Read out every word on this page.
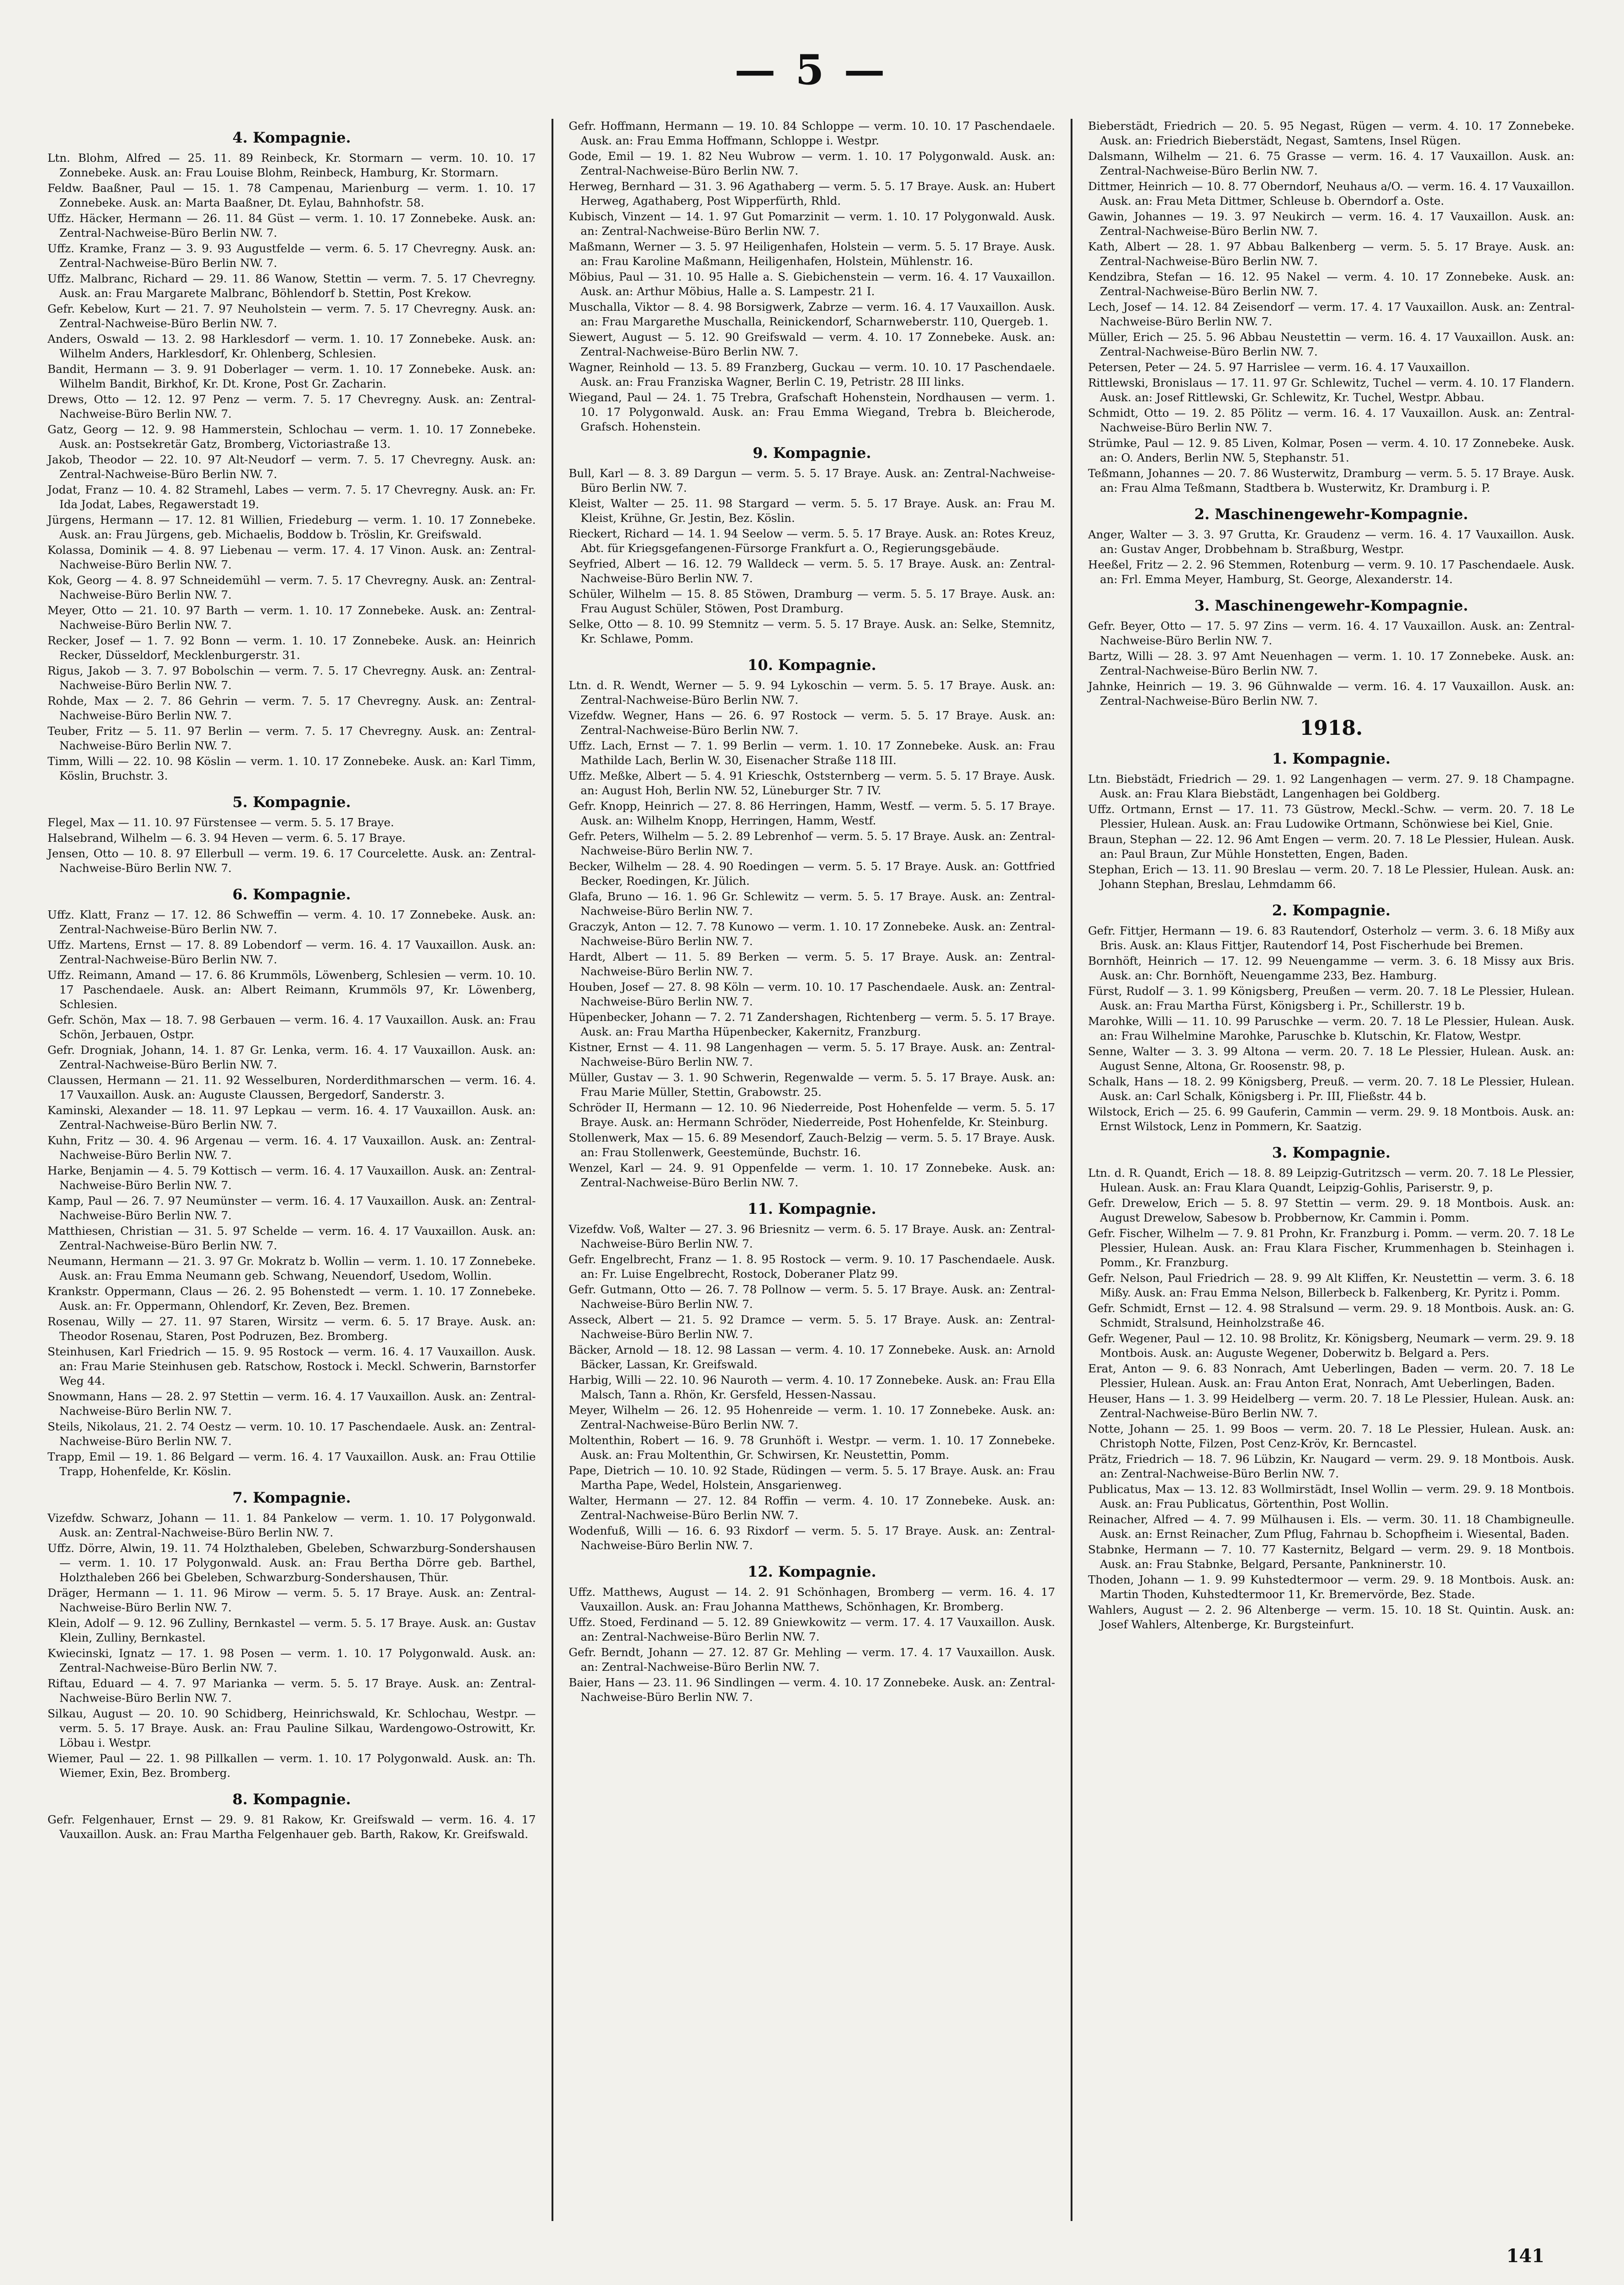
— 5 —
4. Kompagnie.

Ltn. Blohm, Alfred — 25. 11. 89 Reinbeck, Kr. Stormarn — verm. 10. 10. 17 Zonnebeke. Ausk. an: Frau Louise Blohm, Reinbeck, Hamburg, Kr. Stormarn.

Feldw. Baaßner, Paul — 15. 1. 78 Campenau, Marienburg — verm. 1. 10. 17 Zonnebeke. Ausk. an: Marta Baaßner, Dt. Eylau, Bahnhofstr. 58.

Uffz. Häcker, Hermann — 26. 11. 84 Güst — verm. 1. 10. 17 Zonnebeke. Ausk. an: Zentral-Nachweise-Büro Berlin NW. 7.

Uffz. Kramke, Franz — 3. 9. 93 Augustfelde — verm. 6. 5. 17 Chevregny. Ausk. an: Zentral-Nachweise-Büro Berlin NW. 7.

Uffz. Malbranc, Richard — 29. 11. 86 Wanow, Stettin — verm. 7. 5. 17 Chevregny. Ausk. an: Frau Margarete Malbranc, Böhlendorf b. Stettin, Post Krekow.

Gefr. Kebelow, Kurt — 21. 7. 97 Neuholstein — verm. 7. 5. 17 Chevregny. Ausk. an: Zentral-Nachweise-Büro Berlin NW. 7.

Anders, Oswald — 13. 2. 98 Harklesdorf — verm. 1. 10. 17 Zonnebeke. Ausk. an: Wilhelm Anders, Harklesdorf, Kr. Ohlenberg, Schlesien.

Bandit, Hermann — 3. 9. 91 Doberlager — verm. 1. 10. 17 Zonnebeke. Ausk. an: Wilhelm Bandit, Birkhof, Kr. Dt. Krone, Post Gr. Zacharin.

Drews, Otto — 12. 12. 97 Penz — verm. 7. 5. 17 Chevregny. Ausk. an: Zentral-Nachweise-Büro Berlin NW. 7.

Gatz, Georg — 12. 9. 98 Hammerstein, Schlochau — verm. 1. 10. 17 Zonnebeke. Ausk. an: Postsekretär Gatz, Bromberg, Victoriastraße 13.

Jakob, Theodor — 22. 10. 97 Alt-Neudorf — verm. 7. 5. 17 Chevregny. Ausk. an: Zentral-Nachweise-Büro Berlin NW. 7.

Jodat, Franz — 10. 4. 82 Stramehl, Labes — verm. 7. 5. 17 Chevregny. Ausk. an: Fr. Ida Jodat, Labes, Regawerstadt 19.

Jürgens, Hermann — 17. 12. 81 Willien, Friedeburg — verm. 1. 10. 17 Zonnebeke. Ausk. an: Frau Jürgens, geb. Michaelis, Boddow b. Tröslin, Kr. Greifswald.

Kolassa, Dominik — 4. 8. 97 Liebenau — verm. 17. 4. 17 Vinon. Ausk. an: Zentral-Nachweise-Büro Berlin NW. 7.

Kok, Georg — 4. 8. 97 Schneidemühl — verm. 7. 5. 17 Chevregny. Ausk. an: Zentral-Nachweise-Büro Berlin NW. 7.

Meyer, Otto — 21. 10. 97 Barth — verm. 1. 10. 17 Zonnebeke. Ausk. an: Zentral-Nachweise-Büro Berlin NW. 7.

Recker, Josef — 1. 7. 92 Bonn — verm. 1. 10. 17 Zonnebeke. Ausk. an: Heinrich Recker, Düsseldorf, Mecklenburgerstr. 31.

Rigus, Jakob — 3. 7. 97 Bobolschin — verm. 7. 5. 17 Chevregny. Ausk. an: Zentral-Nachweise-Büro Berlin NW. 7.

Rohde, Max — 2. 7. 86 Gehrin — verm. 7. 5. 17 Chevregny. Ausk. an: Zentral-Nachweise-Büro Berlin NW. 7.

Teuber, Fritz — 5. 11. 97 Berlin — verm. 7. 5. 17 Chevregny. Ausk. an: Zentral-Nachweise-Büro Berlin NW. 7.

Timm, Willi — 22. 10. 98 Köslin — verm. 1. 10. 17 Zonnebeke. Ausk. an: Karl Timm, Köslin, Bruchstr. 3.

5. Kompagnie.

Flegel, Max — 11. 10. 97 Fürstensee — verm. 5. 5. 17 Braye.

Halsebrand, Wilhelm — 6. 3. 94 Heven — verm. 6. 5. 17 Braye.

Jensen, Otto — 10. 8. 97 Ellerbull — verm. 19. 6. 17 Courcelette. Ausk. an: Zentral-Nachweise-Büro Berlin NW. 7.

6. Kompagnie.

Uffz. Klatt, Franz — 17. 12. 86 Schweffin — verm. 4. 10. 17 Zonnebeke. Ausk. an: Zentral-Nachweise-Büro Berlin NW. 7.

Uffz. Martens, Ernst — 17. 8. 89 Lobendorf — verm. 16. 4. 17 Vauxaillon. Ausk. an: Zentral-Nachweise-Büro Berlin NW. 7.

Uffz. Reimann, Amand — 17. 6. 86 Krummöls, Löwenberg, Schlesien — verm. 10. 10. 17 Paschendaele. Ausk. an: Albert Reimann, Krummöls 97, Kr. Löwenberg, Schlesien.

Gefr. Schön, Max — 18. 7. 98 Gerbauen — verm. 16. 4. 17 Vauxaillon. Ausk. an: Frau Schön, Jerbauen, Ostpr.

Gefr. Drogniak, Johann, 14. 1. 87 Gr. Lenka, verm. 16. 4. 17 Vauxaillon. Ausk. an: Zentral-Nachweise-Büro Berlin NW. 7.

Claussen, Hermann — 21. 11. 92 Wesselburen, Norderdithmarschen — verm. 16. 4. 17 Vauxaillon. Ausk. an: Auguste Claussen, Bergedorf, Sanderstr. 3.

Kaminski, Alexander — 18. 11. 97 Lepkau — verm. 16. 4. 17 Vauxaillon. Ausk. an: Zentral-Nachweise-Büro Berlin NW. 7.

Kuhn, Fritz — 30. 4. 96 Argenau — verm. 16. 4. 17 Vauxaillon. Ausk. an: Zentral-Nachweise-Büro Berlin NW. 7.

Harke, Benjamin — 4. 5. 79 Kottisch — verm. 16. 4. 17 Vauxaillon. Ausk. an: Zentral-Nachweise-Büro Berlin NW. 7.

Kamp, Paul — 26. 7. 97 Neumünster — verm. 16. 4. 17 Vauxaillon. Ausk. an: Zentral-Nachweise-Büro Berlin NW. 7.

Matthiesen, Christian — 31. 5. 97 Schelde — verm. 16. 4. 17 Vauxaillon. Ausk. an: Zentral-Nachweise-Büro Berlin NW. 7.

Neumann, Hermann — 21. 3. 97 Gr. Mokratz b. Wollin — verm. 1. 10. 17 Zonnebeke. Ausk. an: Frau Emma Neumann geb. Schwang, Neuendorf, Usedom, Wollin.

Krankstr. Oppermann, Claus — 26. 2. 95 Bohenstedt — verm. 1. 10. 17 Zonnebeke. Ausk. an: Fr. Oppermann, Ohlendorf, Kr. Zeven, Bez. Bremen.

Rosenau, Willy — 27. 11. 97 Staren, Wirsitz — verm. 6. 5. 17 Braye. Ausk. an: Theodor Rosenau, Staren, Post Podruzen, Bez. Bromberg.

Steinhusen, Karl Friedrich — 15. 9. 95 Rostock — verm. 16. 4. 17 Vauxaillon. Ausk. an: Frau Marie Steinhusen geb. Ratschow, Rostock i. Meckl. Schwerin, Barnstorfer Weg 44.

Snowmann, Hans — 28. 2. 97 Stettin — verm. 16. 4. 17 Vauxaillon. Ausk. an: Zentral-Nachweise-Büro Berlin NW. 7.

Steils, Nikolaus, 21. 2. 74 Oestz — verm. 10. 10. 17 Paschendaele. Ausk. an: Zentral-Nachweise-Büro Berlin NW. 7.

Trapp, Emil — 19. 1. 86 Belgard — verm. 16. 4. 17 Vauxaillon. Ausk. an: Frau Ottilie Trapp, Hohenfelde, Kr. Köslin.

7. Kompagnie.

Vizefdw. Schwarz, Johann — 11. 1. 84 Pankelow — verm. 1. 10. 17 Polygonwald. Ausk. an: Zentral-Nachweise-Büro Berlin NW. 7.

Uffz. Dörre, Alwin, 19. 11. 74 Holzthaleben, Gbeleben, Schwarzburg-Sondershausen — verm. 1. 10. 17 Polygonwald. Ausk. an: Frau Bertha Dörre geb. Barthel, Holzthaleben 266 bei Gbeleben, Schwarzburg-Sondershausen, Thür.

Dräger, Hermann — 1. 11. 96 Mirow — verm. 5. 5. 17 Braye. Ausk. an: Zentral-Nachweise-Büro Berlin NW. 7.

Klein, Adolf — 9. 12. 96 Zulliny, Bernkastel — verm. 5. 5. 17 Braye. Ausk. an: Gustav Klein, Zulliny, Bernkastel.

Kwiecinski, Ignatz — 17. 1. 98 Posen — verm. 1. 10. 17 Polygonwald. Ausk. an: Zentral-Nachweise-Büro Berlin NW. 7.

Riftau, Eduard — 4. 7. 97 Marianka — verm. 5. 5. 17 Braye. Ausk. an: Zentral-Nachweise-Büro Berlin NW. 7.

Silkau, August — 20. 10. 90 Schidberg, Heinrichswald, Kr. Schlochau, Westpr. — verm. 5. 5. 17 Braye. Ausk. an: Frau Pauline Silkau, Wardengowo-Ostrowitt, Kr. Löbau i. Westpr.

Wiemer, Paul — 22. 1. 98 Pillkallen — verm. 1. 10. 17 Polygonwald. Ausk. an: Th. Wiemer, Exin, Bez. Bromberg.

8. Kompagnie.

Gefr. Felgenhauer, Ernst — 29. 9. 81 Rakow, Kr. Greifswald — verm. 16. 4. 17 Vauxaillon. Ausk. an: Frau Martha Felgenhauer geb. Barth, Rakow, Kr. Greifswald.

Gefr. Hoffmann, Hermann — 19. 10. 84 Schloppe — verm. 10. 10. 17 Paschendaele. Ausk. an: Frau Emma Hoffmann, Schloppe i. Westpr.

Gode, Emil — 19. 1. 82 Neu Wubrow — verm. 1. 10. 17 Polygonwald. Ausk. an: Zentral-Nachweise-Büro Berlin NW. 7.

Herweg, Bernhard — 31. 3. 96 Agathaberg — verm. 5. 5. 17 Braye. Ausk. an: Hubert Herweg, Agathaberg, Post Wipperfürth, Rhld.

Kubisch, Vinzent — 14. 1. 97 Gut Pomarzinit — verm. 1. 10. 17 Polygonwald. Ausk. an: Zentral-Nachweise-Büro Berlin NW. 7.

Maßmann, Werner — 3. 5. 97 Heiligenhafen, Holstein — verm. 5. 5. 17 Braye. Ausk. an: Frau Karoline Maßmann, Heiligenhafen, Holstein, Mühlenstr. 16.

Möbius, Paul — 31. 10. 95 Halle a. S. Giebichenstein — verm. 16. 4. 17 Vauxaillon. Ausk. an: Arthur Möbius, Halle a. S. Lampestr. 21 I.

Muschalla, Viktor — 8. 4. 98 Borsigwerk, Zabrze — verm. 16. 4. 17 Vauxaillon. Ausk. an: Frau Margarethe Muschalla, Reinickendorf, Scharnweberstr. 110, Quergeb. 1.

Siewert, August — 5. 12. 90 Greifswald — verm. 4. 10. 17 Zonnebeke. Ausk. an: Zentral-Nachweise-Büro Berlin NW. 7.

Wagner, Reinhold — 13. 5. 89 Franzberg, Guckau — verm. 10. 10. 17 Paschendaele. Ausk. an: Frau Franziska Wagner, Berlin C. 19, Petristr. 28 III links.

Wiegand, Paul — 24. 1. 75 Trebra, Grafschaft Hohenstein, Nordhausen — verm. 1. 10. 17 Polygonwald. Ausk. an: Frau Emma Wiegand, Trebra b. Bleicherode, Grafsch. Hohenstein.

9. Kompagnie.

Bull, Karl — 8. 3. 89 Dargun — verm. 5. 5. 17 Braye. Ausk. an: Zentral-Nachweise-Büro Berlin NW. 7.

Kleist, Walter — 25. 11. 98 Stargard — verm. 5. 5. 17 Braye. Ausk. an: Frau M. Kleist, Krühne, Gr. Jestin, Bez. Köslin.

Rieckert, Richard — 14. 1. 94 Seelow — verm. 5. 5. 17 Braye. Ausk. an: Rotes Kreuz, Abt. für Kriegsgefangenen-Fürsorge Frankfurt a. O., Regierungsgebäude.

Seyfried, Albert — 16. 12. 79 Walldeck — verm. 5. 5. 17 Braye. Ausk. an: Zentral-Nachweise-Büro Berlin NW. 7.

Schüler, Wilhelm — 15. 8. 85 Stöwen, Dramburg — verm. 5. 5. 17 Braye. Ausk. an: Frau August Schüler, Stöwen, Post Dramburg.

Selke, Otto — 8. 10. 99 Stemnitz — verm. 5. 5. 17 Braye. Ausk. an: Selke, Stemnitz, Kr. Schlawe, Pomm.

10. Kompagnie.

Ltn. d. R. Wendt, Werner — 5. 9. 94 Lykoschin — verm. 5. 5. 17 Braye. Ausk. an: Zentral-Nachweise-Büro Berlin NW. 7.

Vizefdw. Wegner, Hans — 26. 6. 97 Rostock — verm. 5. 5. 17 Braye. Ausk. an: Zentral-Nachweise-Büro Berlin NW. 7.

Uffz. Lach, Ernst — 7. 1. 99 Berlin — verm. 1. 10. 17 Zonnebeke. Ausk. an: Frau Mathilde Lach, Berlin W. 30, Eisenacher Straße 118 III.

Uffz. Meßke, Albert — 5. 4. 91 Krieschk, Oststernberg — verm. 5. 5. 17 Braye. Ausk. an: August Hoh, Berlin NW. 52, Lüneburger Str. 7 IV.

Gefr. Knopp, Heinrich — 27. 8. 86 Herringen, Hamm, Westf. — verm. 5. 5. 17 Braye. Ausk. an: Wilhelm Knopp, Herringen, Hamm, Westf.

Gefr. Peters, Wilhelm — 5. 2. 89 Lebrenhof — verm. 5. 5. 17 Braye. Ausk. an: Zentral-Nachweise-Büro Berlin NW. 7.

Becker, Wilhelm — 28. 4. 90 Roedingen — verm. 5. 5. 17 Braye. Ausk. an: Gottfried Becker, Roedingen, Kr. Jülich.

Glafa, Bruno — 16. 1. 96 Gr. Schlewitz — verm. 5. 5. 17 Braye. Ausk. an: Zentral-Nachweise-Büro Berlin NW. 7.

Graczyk, Anton — 12. 7. 78 Kunowo — verm. 1. 10. 17 Zonnebeke. Ausk. an: Zentral-Nachweise-Büro Berlin NW. 7.

Hardt, Albert — 11. 5. 89 Berken — verm. 5. 5. 17 Braye. Ausk. an: Zentral-Nachweise-Büro Berlin NW. 7.

Houben, Josef — 27. 8. 98 Köln — verm. 10. 10. 17 Paschendaele. Ausk. an: Zentral-Nachweise-Büro Berlin NW. 7.

Hüpenbecker, Johann — 7. 2. 71 Zandershagen, Richtenberg — verm. 5. 5. 17 Braye. Ausk. an: Frau Martha Hüpenbecker, Kakernitz, Franzburg.

Kistner, Ernst — 4. 11. 98 Langenhagen — verm. 5. 5. 17 Braye. Ausk. an: Zentral-Nachweise-Büro Berlin NW. 7.

Müller, Gustav — 3. 1. 90 Schwerin, Regenwalde — verm. 5. 5. 17 Braye. Ausk. an: Frau Marie Müller, Stettin, Grabowstr. 25.

Schröder II, Hermann — 12. 10. 96 Niederreide, Post Hohenfelde — verm. 5. 5. 17 Braye. Ausk. an: Hermann Schröder, Niederreide, Post Hohenfelde, Kr. Steinburg.

Stollenwerk, Max — 15. 6. 89 Mesendorf, Zauch-Belzig — verm. 5. 5. 17 Braye. Ausk. an: Frau Stollenwerk, Geestemünde, Buchstr. 16.

Wenzel, Karl — 24. 9. 91 Oppenfelde — verm. 1. 10. 17 Zonnebeke. Ausk. an: Zentral-Nachweise-Büro Berlin NW. 7.

11. Kompagnie.

Vizefdw. Voß, Walter — 27. 3. 96 Briesnitz — verm. 6. 5. 17 Braye. Ausk. an: Zentral-Nachweise-Büro Berlin NW. 7.

Gefr. Engelbrecht, Franz — 1. 8. 95 Rostock — verm. 9. 10. 17 Paschendaele. Ausk. an: Fr. Luise Engelbrecht, Rostock, Doberaner Platz 99.

Gefr. Gutmann, Otto — 26. 7. 78 Pollnow — verm. 5. 5. 17 Braye. Ausk. an: Zentral-Nachweise-Büro Berlin NW. 7.

Asseck, Albert — 21. 5. 92 Dramce — verm. 5. 5. 17 Braye. Ausk. an: Zentral-Nachweise-Büro Berlin NW. 7.

Bäcker, Arnold — 18. 12. 98 Lassan — verm. 4. 10. 17 Zonnebeke. Ausk. an: Arnold Bäcker, Lassan, Kr. Greifswald.

Harbig, Willi — 22. 10. 96 Nauroth — verm. 4. 10. 17 Zonnebeke. Ausk. an: Frau Ella Malsch, Tann a. Rhön, Kr. Gersfeld, Hessen-Nassau.

Meyer, Wilhelm — 26. 12. 95 Hohenreide — verm. 1. 10. 17 Zonnebeke. Ausk. an: Zentral-Nachweise-Büro Berlin NW. 7.

Moltenthin, Robert — 16. 9. 78 Grunhöft i. Westpr. — verm. 1. 10. 17 Zonnebeke. Ausk. an: Frau Moltenthin, Gr. Schwirsen, Kr. Neustettin, Pomm.

Pape, Dietrich — 10. 10. 92 Stade, Rüdingen — verm. 5. 5. 17 Braye. Ausk. an: Frau Martha Pape, Wedel, Holstein, Ansgarienweg.

Walter, Hermann — 27. 12. 84 Roffin — verm. 4. 10. 17 Zonnebeke. Ausk. an: Zentral-Nachweise-Büro Berlin NW. 7.

Wodenfuß, Willi — 16. 6. 93 Rixdorf — verm. 5. 5. 17 Braye. Ausk. an: Zentral-Nachweise-Büro Berlin NW. 7.

12. Kompagnie.

Uffz. Matthews, August — 14. 2. 91 Schönhagen, Bromberg — verm. 16. 4. 17 Vauxaillon. Ausk. an: Frau Johanna Matthews, Schönhagen, Kr. Bromberg.

Uffz. Stoed, Ferdinand — 5. 12. 89 Gniewkowitz — verm. 17. 4. 17 Vauxaillon. Ausk. an: Zentral-Nachweise-Büro Berlin NW. 7.

Gefr. Berndt, Johann — 27. 12. 87 Gr. Mehling — verm. 17. 4. 17 Vauxaillon. Ausk. an: Zentral-Nachweise-Büro Berlin NW. 7.

Baier, Hans — 23. 11. 96 Sindlingen — verm. 4. 10. 17 Zonnebeke. Ausk. an: Zentral-Nachweise-Büro Berlin NW. 7.

Bieberstädt, Friedrich — 20. 5. 95 Negast, Rügen — verm. 4. 10. 17 Zonnebeke. Ausk. an: Friedrich Bieberstädt, Negast, Samtens, Insel Rügen.

Dalsmann, Wilhelm — 21. 6. 75 Grasse — verm. 16. 4. 17 Vauxaillon. Ausk. an: Zentral-Nachweise-Büro Berlin NW. 7.

Dittmer, Heinrich — 10. 8. 77 Oberndorf, Neuhaus a/O. — verm. 16. 4. 17 Vauxaillon. Ausk. an: Frau Meta Dittmer, Schleuse b. Oberndorf a. Oste.

Gawin, Johannes — 19. 3. 97 Neukirch — verm. 16. 4. 17 Vauxaillon. Ausk. an: Zentral-Nachweise-Büro Berlin NW. 7.

Kath, Albert — 28. 1. 97 Abbau Balkenberg — verm. 5. 5. 17 Braye. Ausk. an: Zentral-Nachweise-Büro Berlin NW. 7.

Kendzibra, Stefan — 16. 12. 95 Nakel — verm. 4. 10. 17 Zonnebeke. Ausk. an: Zentral-Nachweise-Büro Berlin NW. 7.

Lech, Josef — 14. 12. 84 Zeisendorf — verm. 17. 4. 17 Vauxaillon. Ausk. an: Zentral-Nachweise-Büro Berlin NW. 7.

Müller, Erich — 25. 5. 96 Abbau Neustettin — verm. 16. 4. 17 Vauxaillon. Ausk. an: Zentral-Nachweise-Büro Berlin NW. 7.

Petersen, Peter — 24. 5. 97 Harrislee — verm. 16. 4. 17 Vauxaillon.

Rittlewski, Bronislaus — 17. 11. 97 Gr. Schlewitz, Tuchel — verm. 4. 10. 17 Flandern. Ausk. an: Josef Rittlewski, Gr. Schlewitz, Kr. Tuchel, Westpr. Abbau.

Schmidt, Otto — 19. 2. 85 Pölitz — verm. 16. 4. 17 Vauxaillon. Ausk. an: Zentral-Nachweise-Büro Berlin NW. 7.

Strümke, Paul — 12. 9. 85 Liven, Kolmar, Posen — verm. 4. 10. 17 Zonnebeke. Ausk. an: O. Anders, Berlin NW. 5, Stephanstr. 51.

Teßmann, Johannes — 20. 7. 86 Wusterwitz, Dramburg — verm. 5. 5. 17 Braye. Ausk. an: Frau Alma Teßmann, Stadtbera b. Wusterwitz, Kr. Dramburg i. P.

2. Maschinengewehr-Kompagnie.

Anger, Walter — 3. 3. 97 Grutta, Kr. Graudenz — verm. 16. 4. 17 Vauxaillon. Ausk. an: Gustav Anger, Drobbehnam b. Straßburg, Westpr.

Heeßel, Fritz — 2. 2. 96 Stemmen, Rotenburg — verm. 9. 10. 17 Paschendaele. Ausk. an: Frl. Emma Meyer, Hamburg, St. George, Alexanderstr. 14.

3. Maschinengewehr-Kompagnie.

Gefr. Beyer, Otto — 17. 5. 97 Zins — verm. 16. 4. 17 Vauxaillon. Ausk. an: Zentral-Nachweise-Büro Berlin NW. 7.

Bartz, Willi — 28. 3. 97 Amt Neuenhagen — verm. 1. 10. 17 Zonnebeke. Ausk. an: Zentral-Nachweise-Büro Berlin NW. 7.

Jahnke, Heinrich — 19. 3. 96 Gühnwalde — verm. 16. 4. 17 Vauxaillon. Ausk. an: Zentral-Nachweise-Büro Berlin NW. 7.

1918.
1. Kompagnie.

Ltn. Biebstädt, Friedrich — 29. 1. 92 Langenhagen — verm. 27. 9. 18 Champagne. Ausk. an: Frau Klara Biebstädt, Langenhagen bei Goldberg.

Uffz. Ortmann, Ernst — 17. 11. 73 Güstrow, Meckl.-Schw. — verm. 20. 7. 18 Le Plessier, Hulean. Ausk. an: Frau Ludowike Ortmann, Schönwiese bei Kiel, Gnie.

Braun, Stephan — 22. 12. 96 Amt Engen — verm. 20. 7. 18 Le Plessier, Hulean. Ausk. an: Paul Braun, Zur Mühle Honstetten, Engen, Baden.

Stephan, Erich — 13. 11. 90 Breslau — verm. 20. 7. 18 Le Plessier, Hulean. Ausk. an: Johann Stephan, Breslau, Lehmdamm 66.

2. Kompagnie.

Gefr. Fittjer, Hermann — 19. 6. 83 Rautendorf, Osterholz — verm. 3. 6. 18 Mißy aux Bris. Ausk. an: Klaus Fittjer, Rautendorf 14, Post Fischerhude bei Bremen.

Bornhöft, Heinrich — 17. 12. 99 Neuengamme — verm. 3. 6. 18 Missy aux Bris. Ausk. an: Chr. Bornhöft, Neuengamme 233, Bez. Hamburg.

Fürst, Rudolf — 3. 1. 99 Königsberg, Preußen — verm. 20. 7. 18 Le Plessier, Hulean. Ausk. an: Frau Martha Fürst, Königsberg i. Pr., Schillerstr. 19 b.

Marohke, Willi — 11. 10. 99 Paruschke — verm. 20. 7. 18 Le Plessier, Hulean. Ausk. an: Frau Wilhelmine Marohke, Paruschke b. Klutschin, Kr. Flatow, Westpr.

Senne, Walter — 3. 3. 99 Altona — verm. 20. 7. 18 Le Plessier, Hulean. Ausk. an: August Senne, Altona, Gr. Roosenstr. 98, p.

Schalk, Hans — 18. 2. 99 Königsberg, Preuß. — verm. 20. 7. 18 Le Plessier, Hulean. Ausk. an: Carl Schalk, Königsberg i. Pr. III, Fließstr. 44 b.

Wilstock, Erich — 25. 6. 99 Gauferin, Cammin — verm. 29. 9. 18 Montbois. Ausk. an: Ernst Wilstock, Lenz in Pommern, Kr. Saatzig.

3. Kompagnie.

Ltn. d. R. Quandt, Erich — 18. 8. 89 Leipzig-Gutritzsch — verm. 20. 7. 18 Le Plessier, Hulean. Ausk. an: Frau Klara Quandt, Leipzig-Gohlis, Pariserstr. 9, p.

Gefr. Drewelow, Erich — 5. 8. 97 Stettin — verm. 29. 9. 18 Montbois. Ausk. an: August Drewelow, Sabesow b. Probbernow, Kr. Cammin i. Pomm.

Gefr. Fischer, Wilhelm — 7. 9. 81 Prohn, Kr. Franzburg i. Pomm. — verm. 20. 7. 18 Le Plessier, Hulean. Ausk. an: Frau Klara Fischer, Krummenhagen b. Steinhagen i. Pomm., Kr. Franzburg.

Gefr. Nelson, Paul Friedrich — 28. 9. 99 Alt Kliffen, Kr. Neustettin — verm. 3. 6. 18 Mißy. Ausk. an: Frau Emma Nelson, Billerbeck b. Falkenberg, Kr. Pyritz i. Pomm.

Gefr. Schmidt, Ernst — 12. 4. 98 Stralsund — verm. 29. 9. 18 Montbois. Ausk. an: G. Schmidt, Stralsund, Heinholzstraße 46.

Gefr. Wegener, Paul — 12. 10. 98 Brolitz, Kr. Königsberg, Neumark — verm. 29. 9. 18 Montbois. Ausk. an: Auguste Wegener, Doberwitz b. Belgard a. Pers.

Erat, Anton — 9. 6. 83 Nonrach, Amt Ueberlingen, Baden — verm. 20. 7. 18 Le Plessier, Hulean. Ausk. an: Frau Anton Erat, Nonrach, Amt Ueberlingen, Baden.

Heuser, Hans — 1. 3. 99 Heidelberg — verm. 20. 7. 18 Le Plessier, Hulean. Ausk. an: Zentral-Nachweise-Büro Berlin NW. 7.

Notte, Johann — 25. 1. 99 Boos — verm. 20. 7. 18 Le Plessier, Hulean. Ausk. an: Christoph Notte, Filzen, Post Cenz-Kröv, Kr. Berncastel.

Prätz, Friedrich — 18. 7. 96 Lübzin, Kr. Naugard — verm. 29. 9. 18 Montbois. Ausk. an: Zentral-Nachweise-Büro Berlin NW. 7.

Publicatus, Max — 13. 12. 83 Wollmirstädt, Insel Wollin — verm. 29. 9. 18 Montbois. Ausk. an: Frau Publicatus, Görtenthin, Post Wollin.

Reinacher, Alfred — 4. 7. 99 Mülhausen i. Els. — verm. 30. 11. 18 Chambigneulle. Ausk. an: Ernst Reinacher, Zum Pflug, Fahrnau b. Schopfheim i. Wiesental, Baden.

Stabnke, Hermann — 7. 10. 77 Kasternitz, Belgard — verm. 29. 9. 18 Montbois. Ausk. an: Frau Stabnke, Belgard, Persante, Pankninerstr. 10.

Thoden, Johann — 1. 9. 99 Kuhstedtermoor — verm. 29. 9. 18 Montbois. Ausk. an: Martin Thoden, Kuhstedtermoor 11, Kr. Bremervörde, Bez. Stade.

Wahlers, August — 2. 2. 96 Altenberge — verm. 15. 10. 18 St. Quintin. Ausk. an: Josef Wahlers, Altenberge, Kr. Burgsteinfurt.

141
